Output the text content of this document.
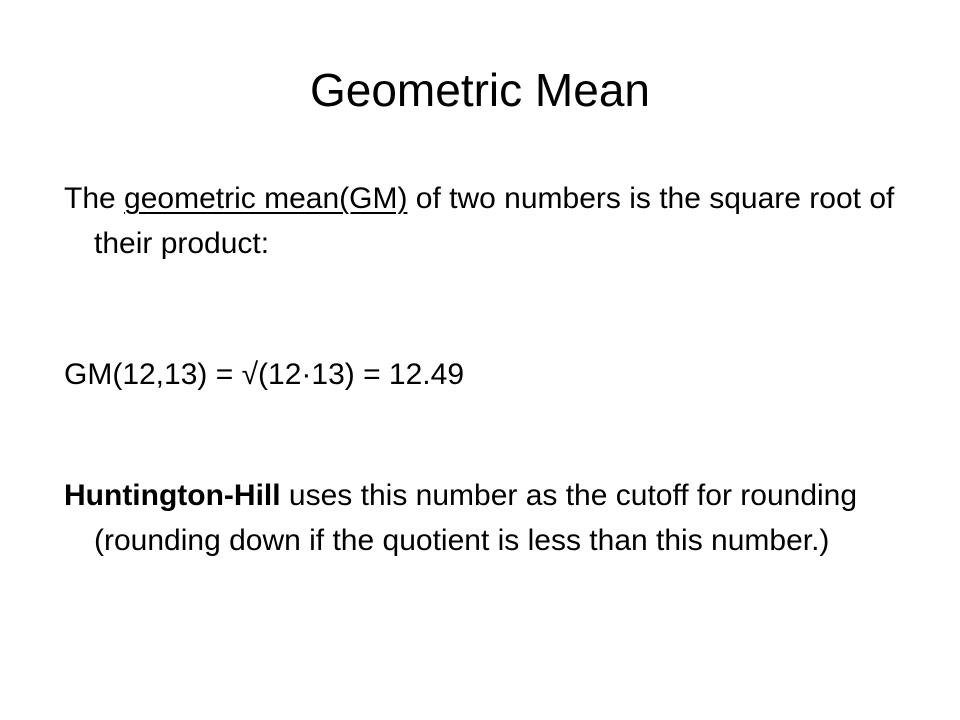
Geometric Mean

The geometric mean(GM) of two numbers is the square root of their product:

GM(12,13) = √(12·13) = 12.49

Huntington-Hill uses this number as the cutoff for rounding (rounding down if the quotient is less than this number.)
